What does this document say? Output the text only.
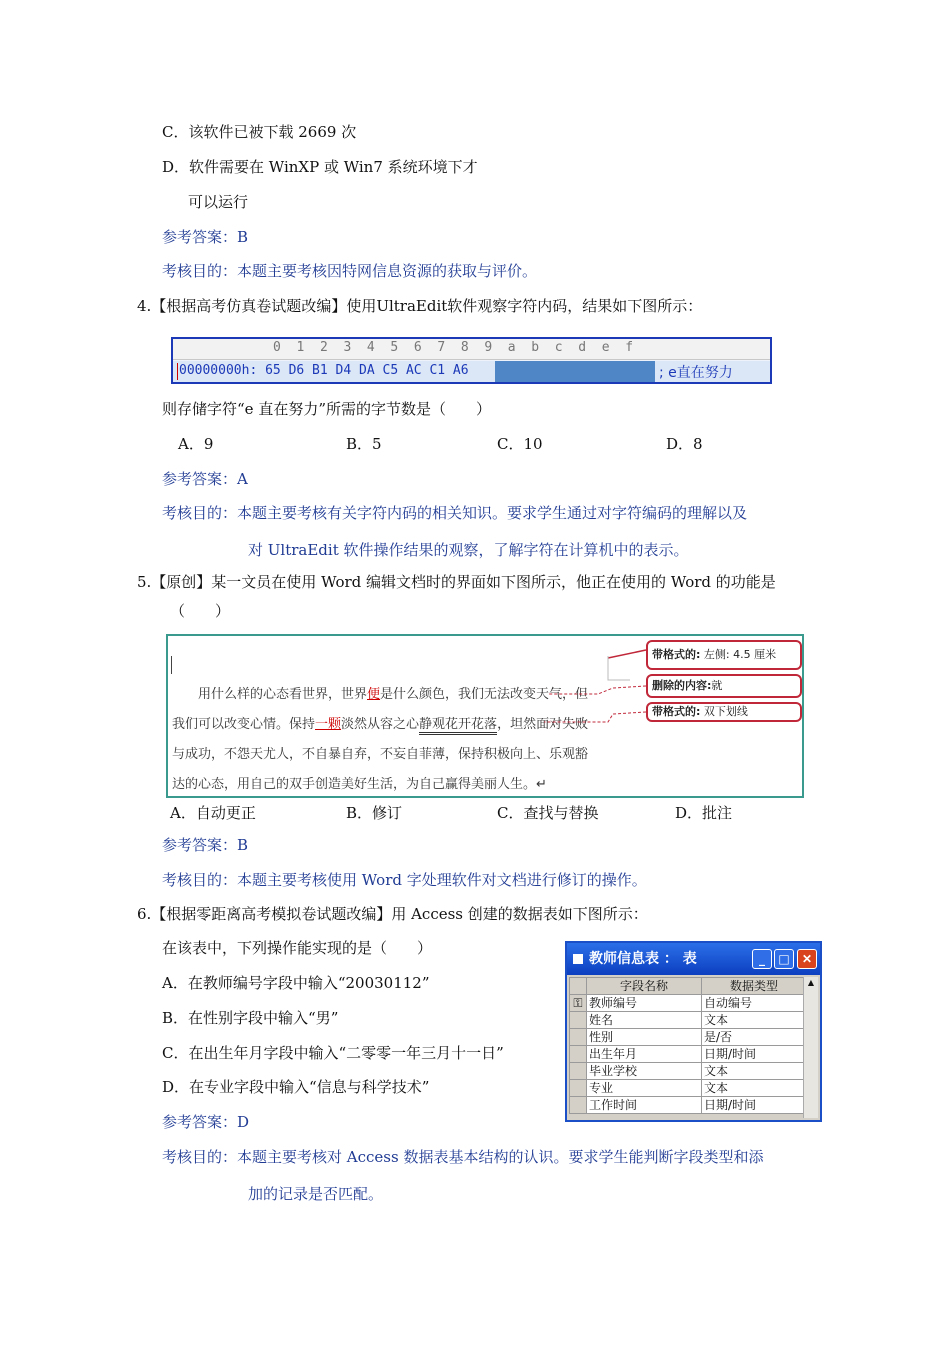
C．该软件已被下载 2669 次
D．软件需要在 WinXP 或 Win7 系统环境下才
可以运行
参考答案：B
考核目的：本题主要考核因特网信息资源的获取与评价。
4.【根据高考仿真卷试题改编】使用UltraEdit软件观察字符内码，结果如下图所示：
0  1  2  3  4  5  6  7  8  9  a  b  c  d  e  f
00000000h: 65 D6 B1 D4 DA C5 AC C1 A6	; e直在努力
则存储字符“e 直在努力”所需的字节数是（　　）
A．9	B．5	C．10	D．8
参考答案：A
考核目的：本题主要考核有关字符内码的相关知识。要求学生通过对字符编码的理解以及
对 UltraEdit 软件操作结果的观察，了解字符在计算机中的表示。
5.【原创】某一文员在使用 Word 编辑文档时的界面如下图所示，他正在使用的 Word 的功能是
（　　）
用什么样的心态看世界，世界便是什么颜色，我们无法改变天气，但
我们可以改变心情。保持一颗淡然从容之心静观花开花落，坦然面对失败
与成功，不怨天尤人，不自暴自弃，不妄自菲薄，保持积极向上、乐观豁
达的心态，用自己的双手创造美好生活，为自己赢得美丽人生。↵
带格式的: 左侧: 4.5 厘米
删除的内容:就
带格式的: 双下划线
A．自动更正	B．修订	C．查找与替换	D．批注
参考答案：B
考核目的：本题主要考核使用 Word 字处理软件对文档进行修订的操作。
6.【根据零距离高考模拟卷试题改编】用 Access 创建的数据表如下图所示：
在该表中，下列操作能实现的是（　　）
A．在教师编号字段中输入“20030112”
B．在性别字段中输入“男”
C．在出生年月字段中输入“二零零一年三月十一日”
D．在专业字段中输入“信息与科学技术”
参考答案：D
考核目的：本题主要考核对 Access 数据表基本结构的认识。要求学生能判断字段类型和添
加的记录是否匹配。
教师信息表 ： 表	_	□	✕
	字段名称	数据类型
⚿	教师编号	自动编号
	姓名	文本
	性别	是/否
	出生年月	日期/时间
	毕业学校	文本
	专业	文本
	工作时间	日期/时间
▲
